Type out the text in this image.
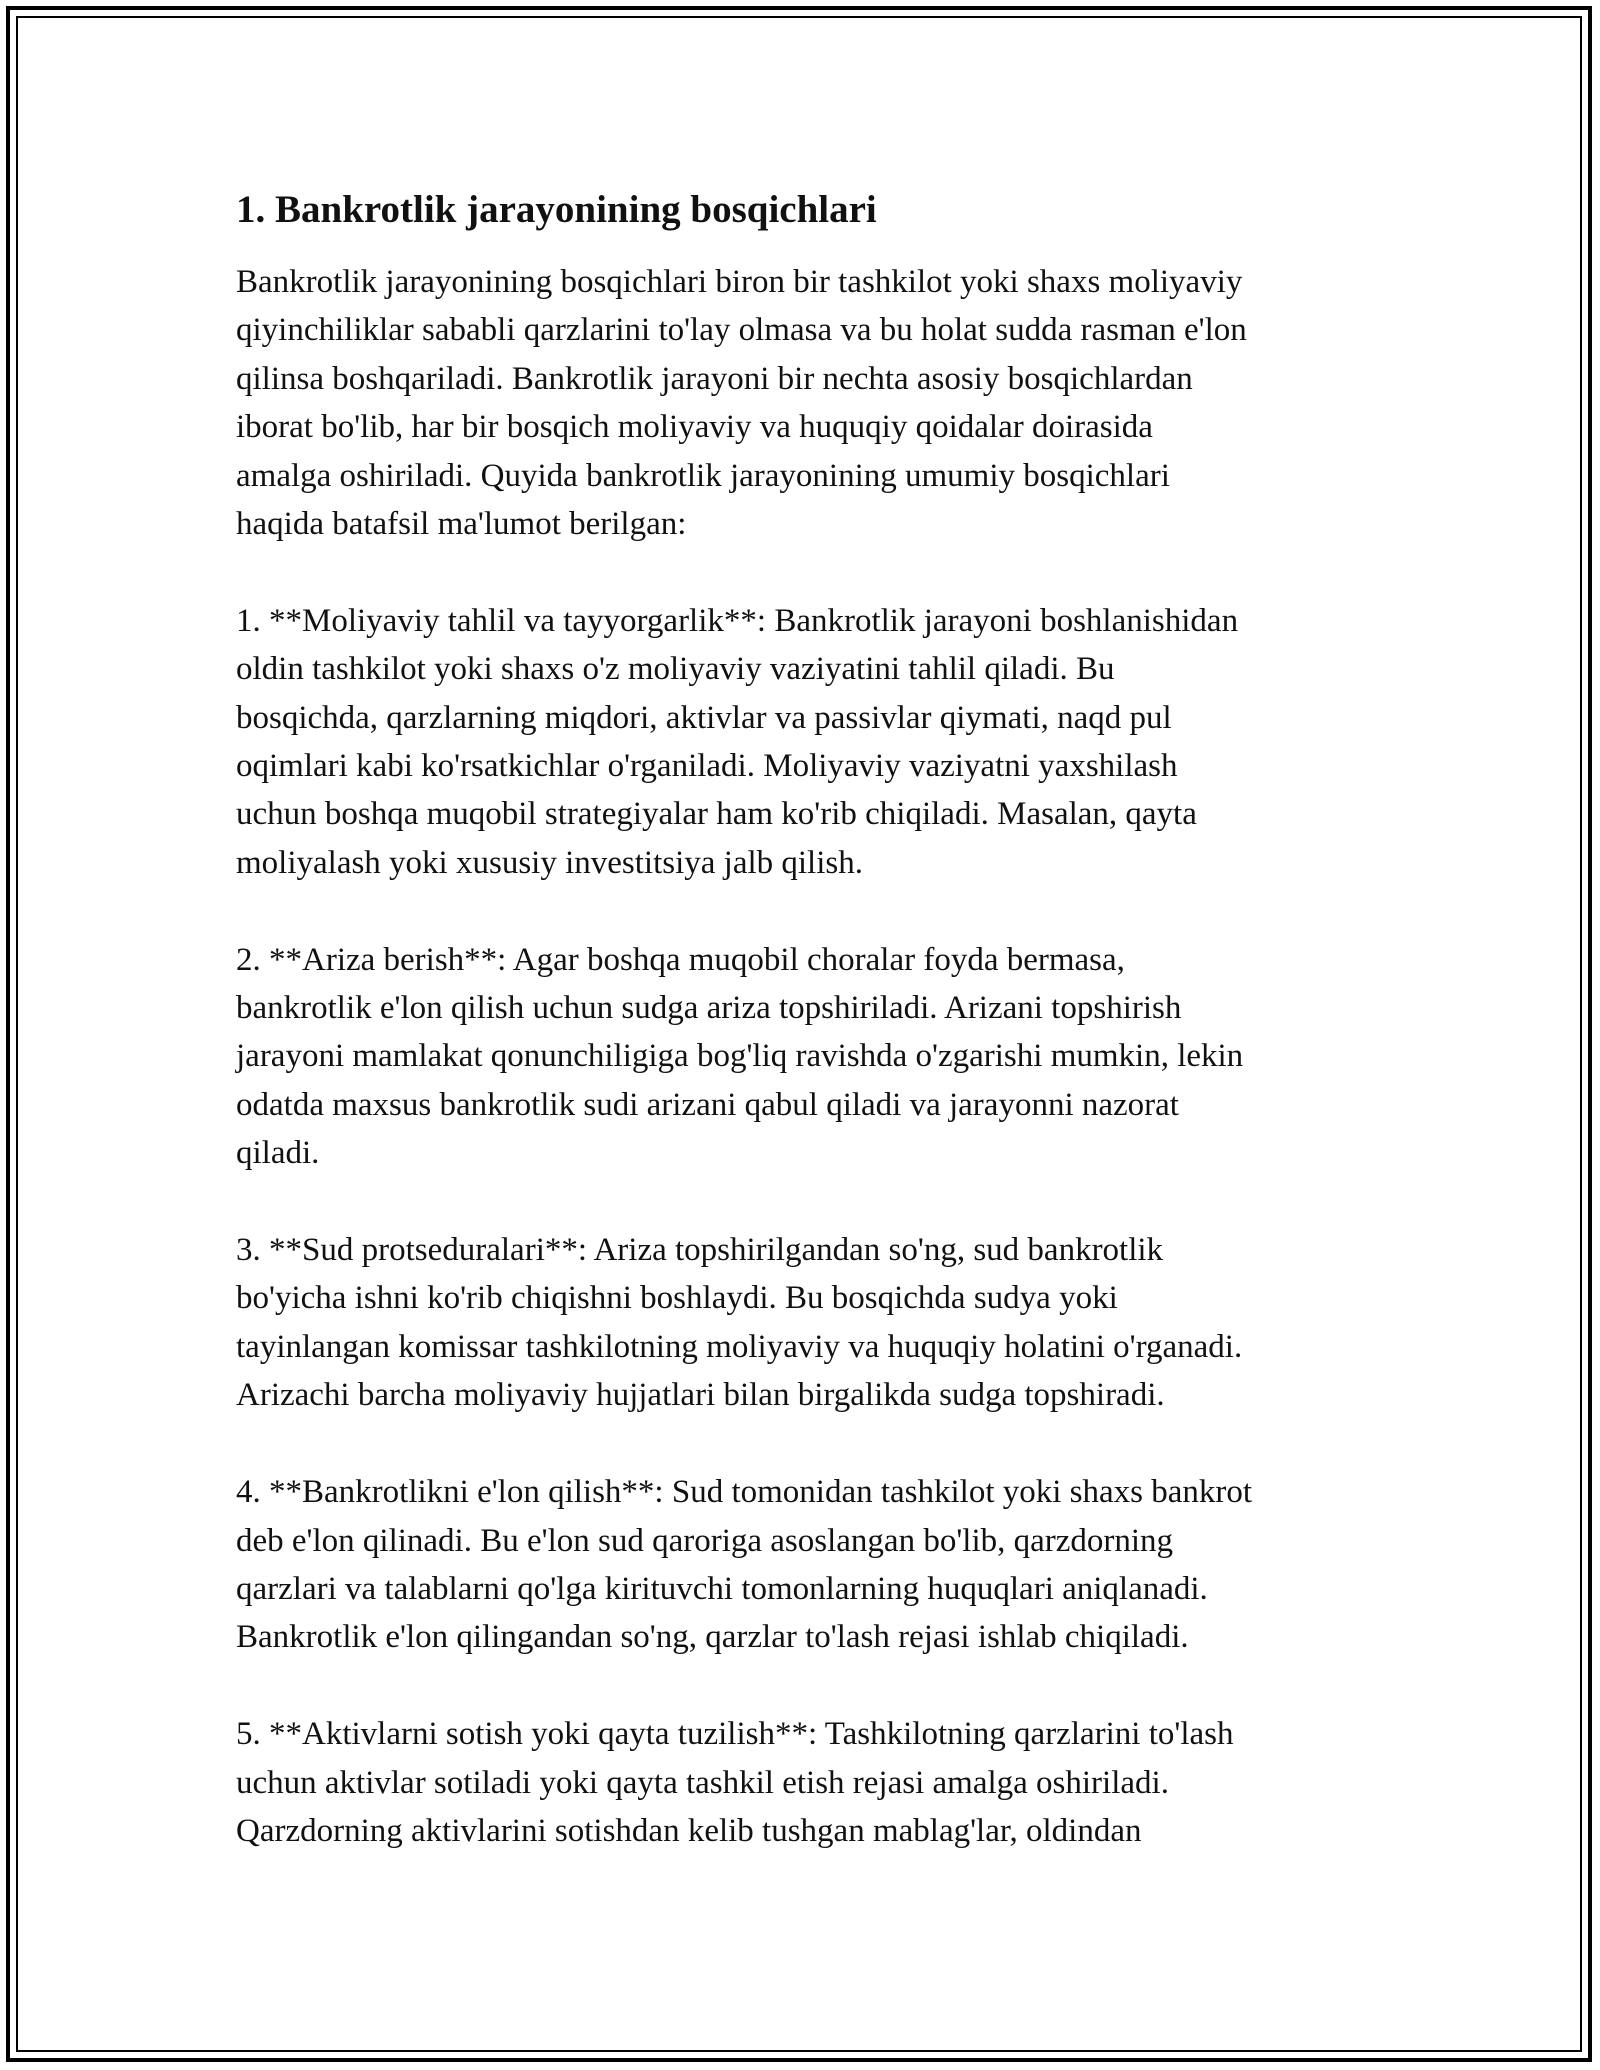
1. Bankrotlik jarayonining bosqichlari
Bankrotlik jarayonining bosqichlari biron bir tashkilot yoki shaxs moliyaviy
qiyinchiliklar sababli qarzlarini to'lay olmasa va bu holat sudda rasman e'lon
qilinsa boshqariladi. Bankrotlik jarayoni bir nechta asosiy bosqichlardan
iborat bo'lib, har bir bosqich moliyaviy va huquqiy qoidalar doirasida
amalga oshiriladi. Quyida bankrotlik jarayonining umumiy bosqichlari
haqida batafsil ma'lumot berilgan:
1. **Moliyaviy tahlil va tayyorgarlik**: Bankrotlik jarayoni boshlanishidan
oldin tashkilot yoki shaxs o'z moliyaviy vaziyatini tahlil qiladi. Bu
bosqichda, qarzlarning miqdori, aktivlar va passivlar qiymati, naqd pul
oqimlari kabi ko'rsatkichlar o'rganiladi. Moliyaviy vaziyatni yaxshilash
uchun boshqa muqobil strategiyalar ham ko'rib chiqiladi. Masalan, qayta
moliyalash yoki xususiy investitsiya jalb qilish.
2. **Ariza berish**: Agar boshqa muqobil choralar foyda bermasa,
bankrotlik e'lon qilish uchun sudga ariza topshiriladi. Arizani topshirish
jarayoni mamlakat qonunchiligiga bog'liq ravishda o'zgarishi mumkin, lekin
odatda maxsus bankrotlik sudi arizani qabul qiladi va jarayonni nazorat
qiladi.
3. **Sud protseduralari**: Ariza topshirilgandan so'ng, sud bankrotlik
bo'yicha ishni ko'rib chiqishni boshlaydi. Bu bosqichda sudya yoki
tayinlangan komissar tashkilotning moliyaviy va huquqiy holatini o'rganadi.
Arizachi barcha moliyaviy hujjatlari bilan birgalikda sudga topshiradi.
4. **Bankrotlikni e'lon qilish**: Sud tomonidan tashkilot yoki shaxs bankrot
deb e'lon qilinadi. Bu e'lon sud qaroriga asoslangan bo'lib, qarzdorning
qarzlari va talablarni qo'lga kirituvchi tomonlarning huquqlari aniqlanadi.
Bankrotlik e'lon qilingandan so'ng, qarzlar to'lash rejasi ishlab chiqiladi.
5. **Aktivlarni sotish yoki qayta tuzilish**: Tashkilotning qarzlarini to'lash
uchun aktivlar sotiladi yoki qayta tashkil etish rejasi amalga oshiriladi.
Qarzdorning aktivlarini sotishdan kelib tushgan mablag'lar, oldindan
